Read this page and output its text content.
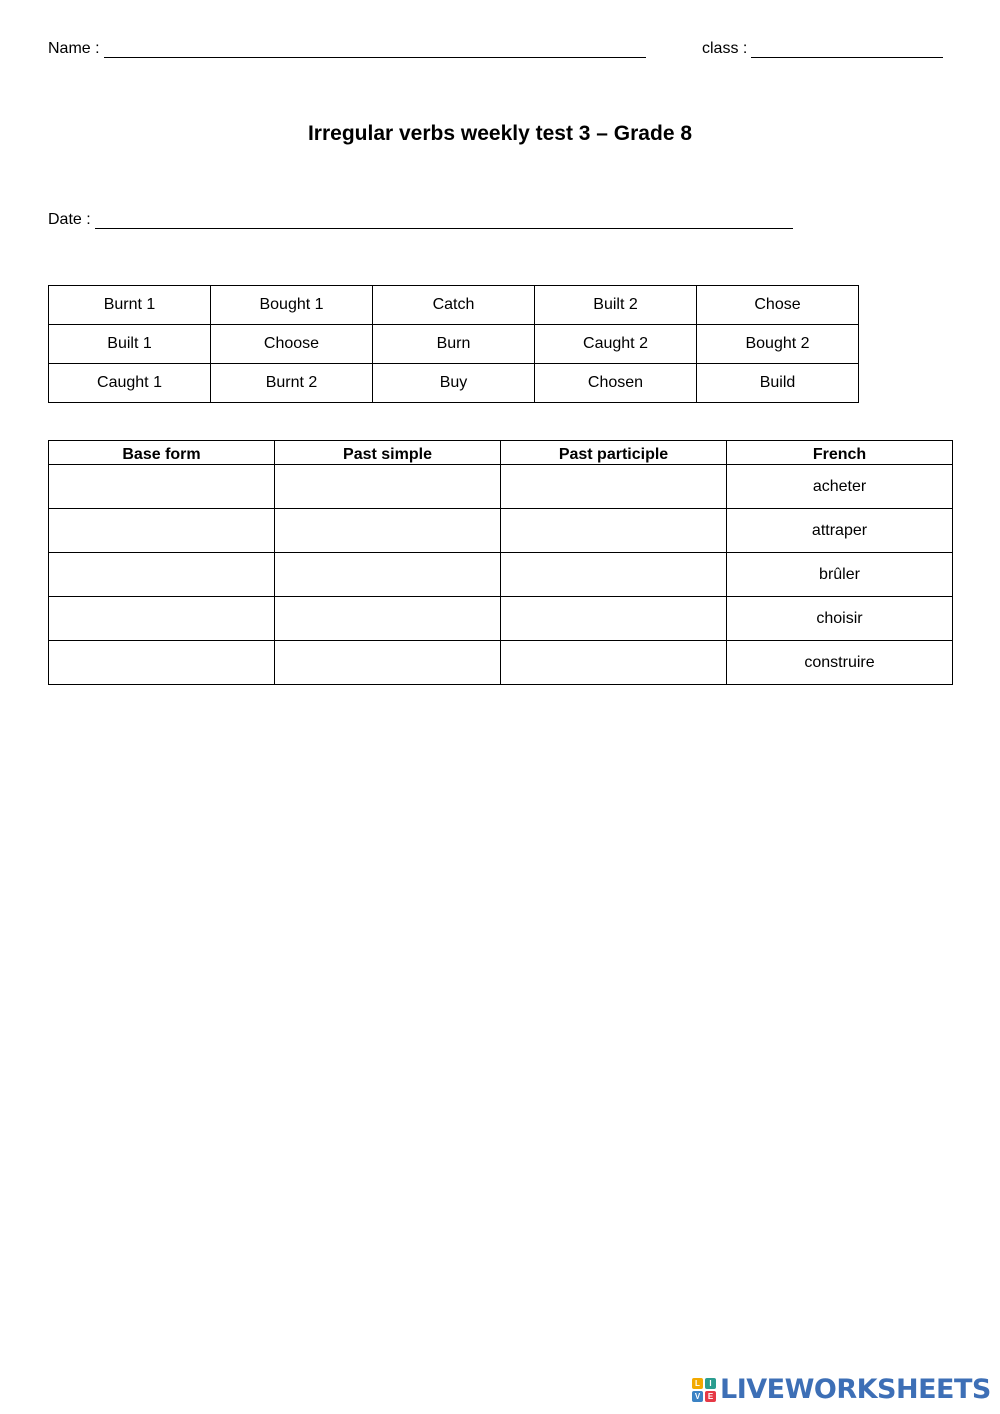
Name :	class :
Irregular verbs weekly test 3 – Grade 8
Date :
Burnt 1	Bought 1	Catch	Built 2	Chose
Built 1	Choose	Burn	Caught 2	Bought 2
Caught 1	Burnt 2	Buy	Chosen	Build
Base form	Past simple	Past participle	French
			acheter
			attraper
			brûler
			choisir
			construire
L	I
V E LIVEWORKSHEETS
